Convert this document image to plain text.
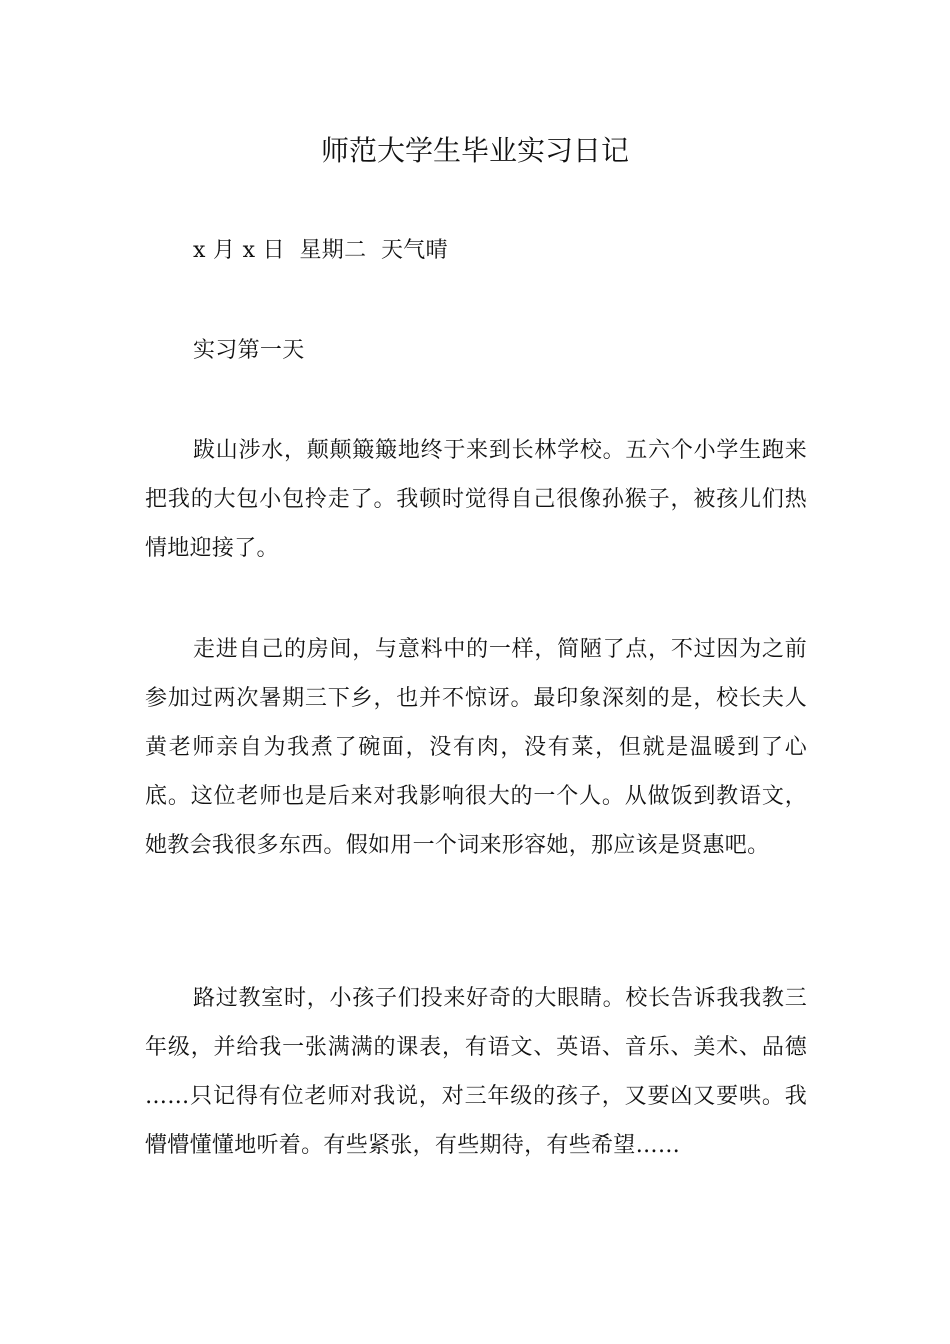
师范大学生毕业实习日记

x 月 x 日  星期二  天气晴

实习第一天

跋山涉水，颠颠簸簸地终于来到长林学校。五六个小学生跑来把我的大包小包拎走了。我顿时觉得自己很像孙猴子，被孩儿们热情地迎接了。

走进自己的房间，与意料中的一样，简陋了点，不过因为之前参加过两次暑期三下乡，也并不惊讶。最印象深刻的是，校长夫人黄老师亲自为我煮了碗面，没有肉，没有菜，但就是温暖到了心底。这位老师也是后来对我影响很大的一个人。从做饭到教语文，她教会我很多东西。假如用一个词来形容她，那应该是贤惠吧。

路过教室时，小孩子们投来好奇的大眼睛。校长告诉我我教三年级，并给我一张满满的课表，有语文、英语、音乐、美术、品德 ……只记得有位老师对我说，对三年级的孩子，又要凶又要哄。我懵懵懂懂地听着。有些紧张，有些期待，有些希望……
